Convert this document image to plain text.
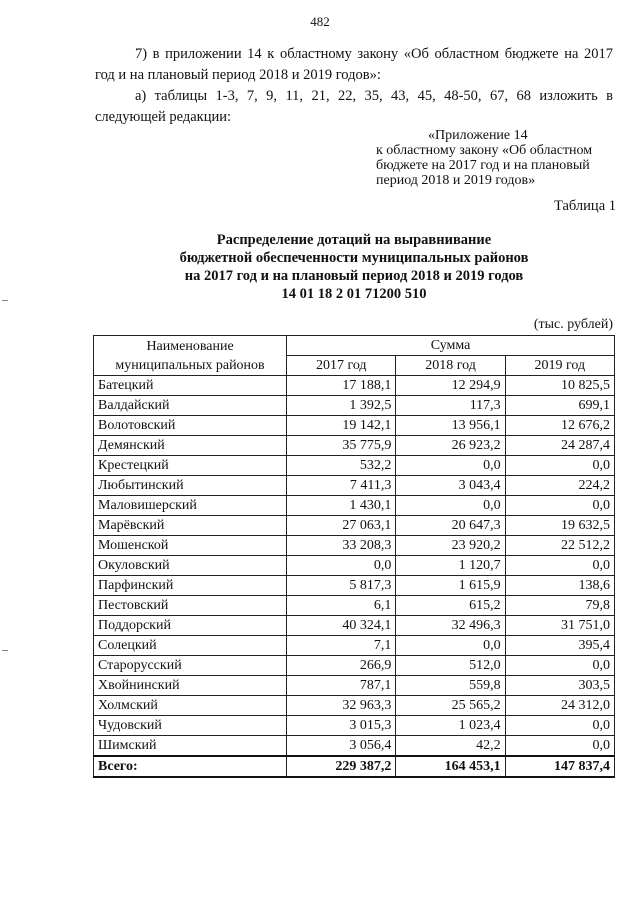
482

7) в приложении 14 к областному закону «Об областном бюджете на 2017 год и на плановый период 2018 и 2019 годов»:

а) таблицы 1-3, 7, 9, 11, 21, 22, 35, 43, 45, 48-50, 67, 68 изложить в следующей редакции:

«Приложение 14
к областному закону «Об областном
бюджете на 2017 год и на плановый
период 2018 и 2019 годов»

Таблица 1

Распределение дотаций на выравнивание
бюджетной обеспеченности муниципальных районов
на 2017 год и на плановый период 2018 и 2019 годов
14 01 18 2 01 71200 510

(тыс. рублей)

Наименование муниципальных районов	Сумма		
	2017 год	2018 год	2019 год
Батецкий	17 188,1	12 294,9	10 825,5
Валдайский	1 392,5	117,3	699,1
Волотовский	19 142,1	13 956,1	12 676,2
Демянский	35 775,9	26 923,2	24 287,4
Крестецкий	532,2	0,0	0,0
Любытинский	7 411,3	3 043,4	224,2
Маловишерский	1 430,1	0,0	0,0
Марёвский	27 063,1	20 647,3	19 632,5
Мошенской	33 208,3	23 920,2	22 512,2
Окуловский	0,0	1 120,7	0,0
Парфинский	5 817,3	1 615,9	138,6
Пестовский	6,1	615,2	79,8
Поддорский	40 324,1	32 496,3	31 751,0
Солецкий	7,1	0,0	395,4
Старорусский	266,9	512,0	0,0
Хвойнинский	787,1	559,8	303,5
Холмский	32 963,3	25 565,2	24 312,0
Чудовский	3 015,3	1 023,4	0,0
Шимский	3 056,4	42,2	0,0
Всего:	229 387,2	164 453,1	147 837,4
